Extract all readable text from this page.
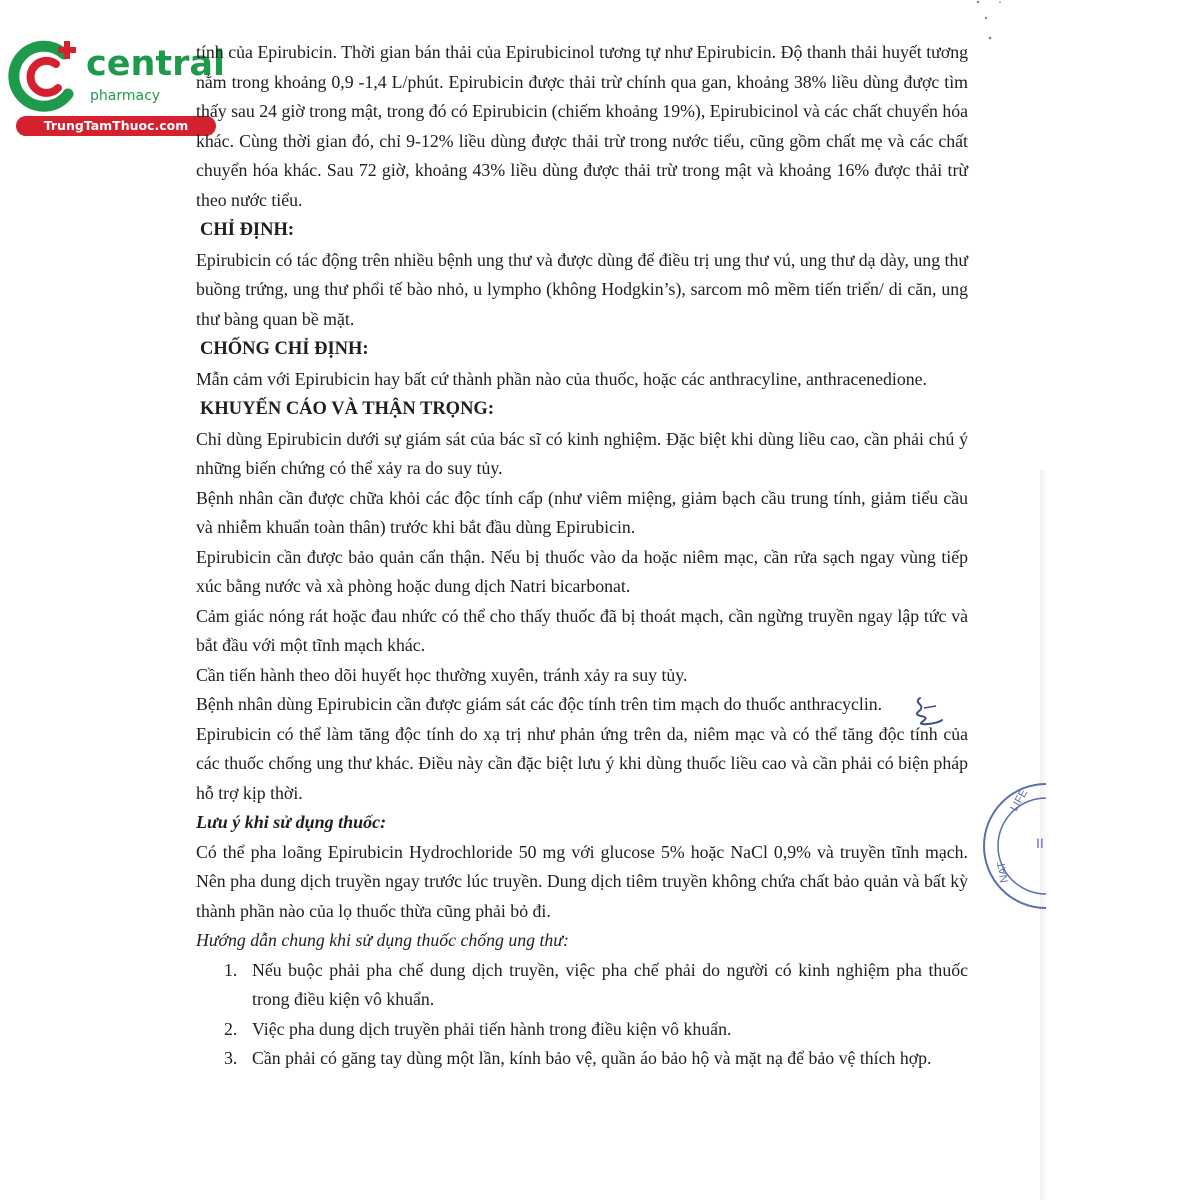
central
pharmacy
TrungTamThuoc.com

tính của Epirubicin. Thời gian bán thải của Epirubicinol tương tự như Epirubicin. Độ thanh thải huyết tương nằm trong khoảng 0,9 -1,4 L/phút. Epirubicin được thải trừ chính qua gan, khoảng 38% liều dùng được tìm thấy sau 24 giờ trong mật, trong đó có Epirubicin (chiếm khoảng 19%), Epirubicinol và các chất chuyển hóa khác. Cùng thời gian đó, chỉ 9-12% liều dùng được thải trừ trong nước tiểu, cũng gồm chất mẹ và các chất chuyển hóa khác. Sau 72 giờ, khoảng 43% liều dùng được thải trừ trong mật và khoảng 16% được thải trừ theo nước tiểu.

CHỈ ĐỊNH:

Epirubicin có tác động trên nhiều bệnh ung thư và được dùng để điều trị ung thư vú, ung thư dạ dày, ung thư buồng trứng, ung thư phổi tế bào nhỏ, u lympho (không Hodgkin’s), sarcom mô mềm tiến triển/ di căn, ung thư bàng quan bề mặt.

CHỐNG CHỈ ĐỊNH:

Mẫn cảm với Epirubicin hay bất cứ thành phần nào của thuốc, hoặc các anthracyline, anthracenedione.

KHUYẾN CÁO VÀ THẬN TRỌNG:

Chỉ dùng Epirubicin dưới sự giám sát của bác sĩ có kinh nghiệm. Đặc biệt khi dùng liều cao, cần phải chú ý những biến chứng có thể xảy ra do suy tủy.

Bệnh nhân cần được chữa khỏi các độc tính cấp (như viêm miệng, giảm bạch cầu trung tính, giảm tiểu cầu và nhiễm khuẩn toàn thân) trước khi bắt đầu dùng Epirubicin.

Epirubicin cần được bảo quản cẩn thận. Nếu bị thuốc vào da hoặc niêm mạc, cần rửa sạch ngay vùng tiếp xúc bằng nước và xà phòng hoặc dung dịch Natri bicarbonat.

Cảm giác nóng rát hoặc đau nhức có thể cho thấy thuốc đã bị thoát mạch, cần ngừng truyền ngay lập tức và bắt đầu với một tĩnh mạch khác.

Cần tiến hành theo dõi huyết học thường xuyên, tránh xảy ra suy tủy.

Bệnh nhân dùng Epirubicin cần được giám sát các độc tính trên tim mạch do thuốc anthracyclin.

Epirubicin có thể làm tăng độc tính do xạ trị như phản ứng trên da, niêm mạc và có thể tăng độc tính của các thuốc chống ung thư khác. Điều này cần đặc biệt lưu ý khi dùng thuốc liều cao và cần phải có biện pháp hỗ trợ kịp thời.

Lưu ý khi sử dụng thuốc:

Có thể pha loãng Epirubicin Hydrochloride 50 mg với glucose 5% hoặc NaCl 0,9% và truyền tĩnh mạch. Nên pha dung dịch truyền ngay trước lúc truyền. Dung dịch tiêm truyền không chứa chất bảo quản và bất kỳ thành phần nào của lọ thuốc thừa cũng phải bỏ đi.

Hướng dẫn chung khi sử dụng thuốc chống ung thư:

1. Nếu buộc phải pha chế dung dịch truyền, việc pha chế phải do người có kinh nghiệm pha thuốc trong điều kiện vô khuẩn.
2. Việc pha dung dịch truyền phải tiến hành trong điều kiện vô khuẩn.
3. Cần phải có găng tay dùng một lần, kính bảo vệ, quần áo bảo hộ và mặt nạ để bảo vệ thích hợp.
LIFE
NAT
II
